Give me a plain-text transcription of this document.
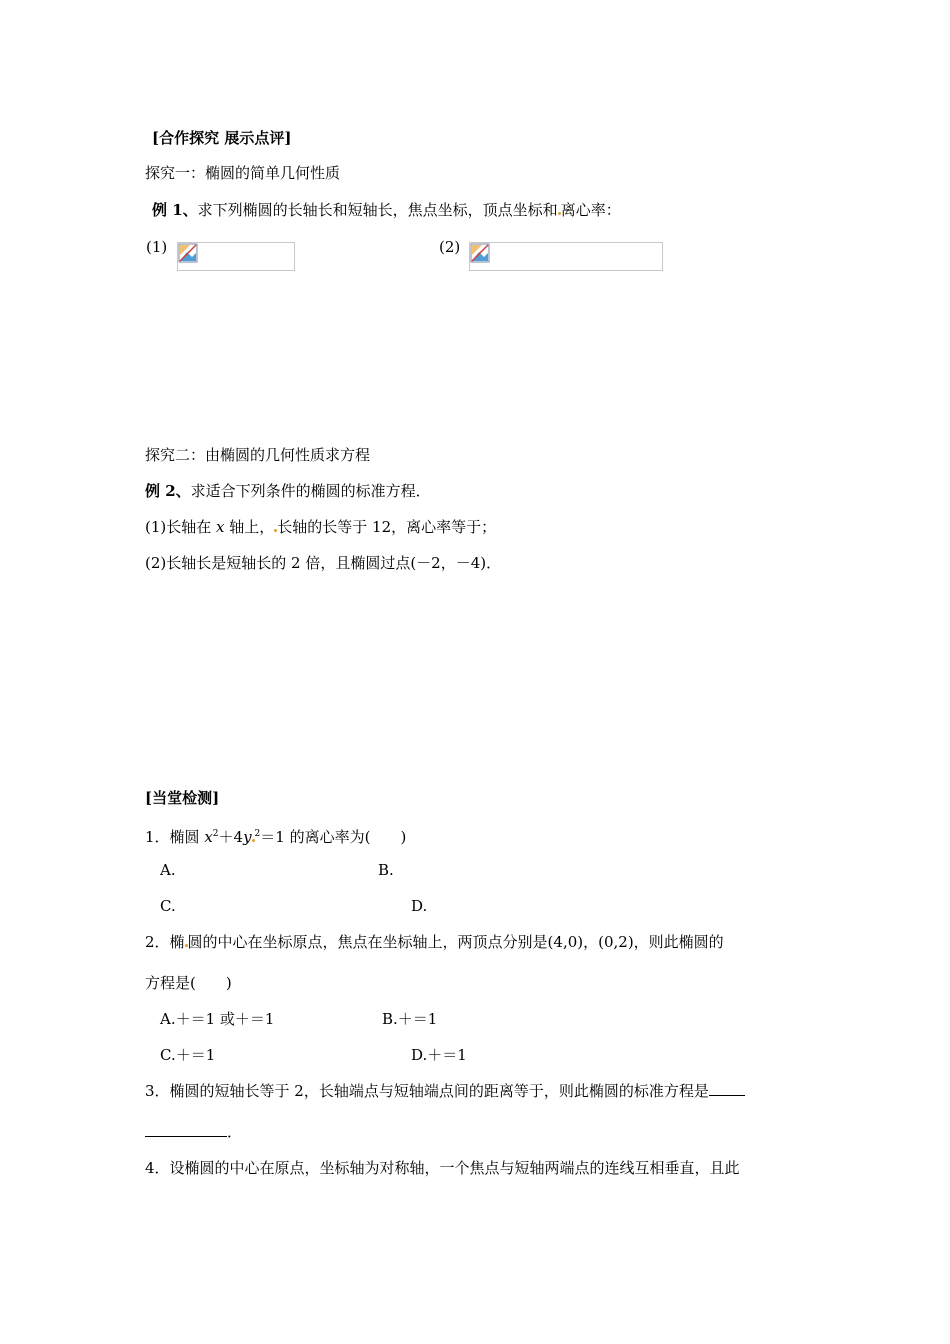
[合作探究 展示点评]
探究一：椭圆的简单几何性质
例 1、求下列椭圆的长轴长和短轴长，焦点坐标，顶点坐标和 离心率：
(1)	(2)
探究二：由椭圆的几何性质求方程
例 2、求适合下列条件的椭圆的标准方程．
(1)长轴在 x 轴上， 长轴的长等于 12，离心率等于；
(2)长轴长是短轴长的 2 倍，且椭圆过点(－2，－4)．
[当堂检测]
1．椭圆 $x^2+4y$ $^2$＝1 的离心率为(　　)
A.	B.
C.	D.
2．椭 圆的中心在坐标原点，焦点在坐标轴上，两顶点分别是(4,0)，(0,2)，则此椭圆的
方程是(　　)
A.＋＝1 或＋＝1	B.＋＝1
C.＋＝1	D.＋＝1
3．椭圆的短轴长等于 2，长轴端点与短轴端点间的距离等于，则此椭圆的标准方程是
．
4．设椭圆的中心在原点，坐标轴为对称轴，一个焦点与短轴两端点的连线互相垂直，且此
